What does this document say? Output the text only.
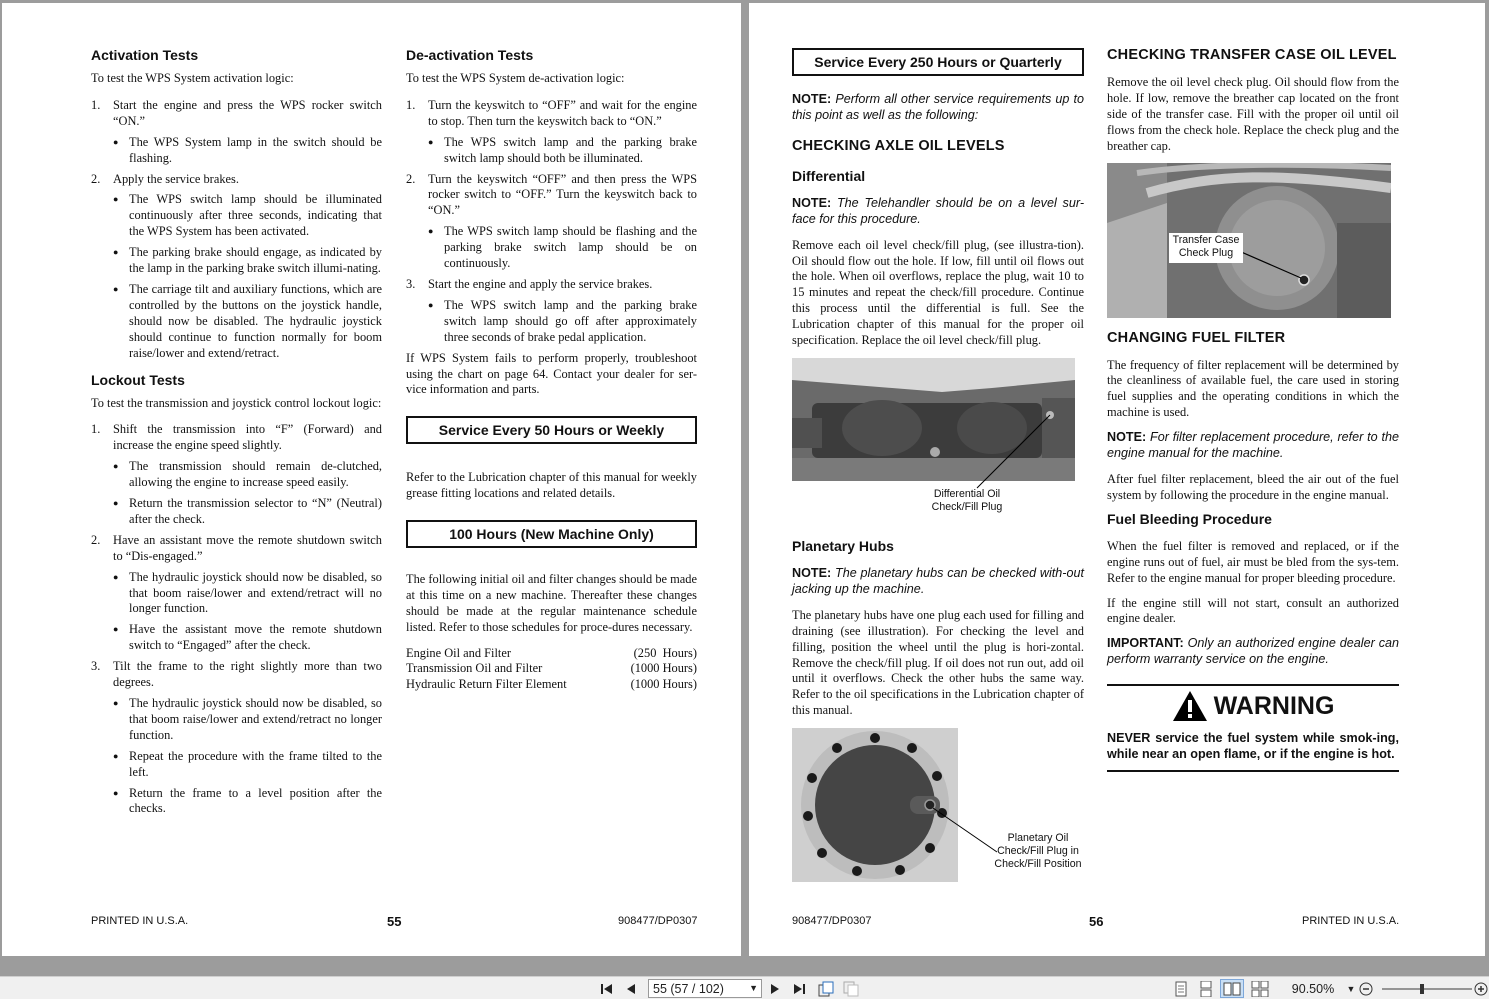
Activation Tests

To test the WPS System activation logic:

1. Start the engine and press the WPS rocker switch “ON.”
● The WPS System lamp in the switch should be flashing.
2. Apply the service brakes.
● The WPS switch lamp should be illuminated continuously after three seconds, indicating that the WPS System has been activated.
● The parking brake should engage, as indicated by the lamp in the parking brake switch illumi-nating.
● The carriage tilt and auxiliary functions, which are controlled by the buttons on the joystick handle, should now be disabled. The hydraulic joystick should continue to function normally for boom raise/lower and extend/retract.
Lockout Tests

To test the transmission and joystick control lockout logic:

1. Shift the transmission into “F” (Forward) and increase the engine speed slightly.
● The transmission should remain de-clutched, allowing the engine to increase speed easily.
● Return the transmission selector to “N” (Neutral) after the check.
2. Have an assistant move the remote shutdown switch to “Dis-engaged.”
● The hydraulic joystick should now be disabled, so that boom raise/lower and extend/retract will no longer function.
● Have the assistant move the remote shutdown switch to “Engaged” after the check.
3. Tilt the frame to the right slightly more than two degrees.
● The hydraulic joystick should now be disabled, so that boom raise/lower and extend/retract no longer function.
● Repeat the procedure with the frame tilted to the left.
● Return the frame to a level position after the checks.
De-activation Tests

To test the WPS System de-activation logic:

1. Turn the keyswitch to “OFF” and wait for the engine to stop. Then turn the keyswitch back to “ON.”
● The WPS switch lamp and the parking brake switch lamp should both be illuminated.
2. Turn the keyswitch “OFF” and then press the WPS rocker switch to “OFF.” Turn the keyswitch back to “ON.”
● The WPS switch lamp should be flashing and the parking brake switch lamp should be on continuously.
3. Start the engine and apply the service brakes.
● The WPS switch lamp and the parking brake switch lamp should go off after approximately three seconds of brake pedal application.

If WPS System fails to perform properly, troubleshoot using the chart on page 64. Contact your dealer for ser-vice information and parts.

Service Every 50 Hours or Weekly

Refer to the Lubrication chapter of this manual for weekly grease fitting locations and related details.

100 Hours (New Machine Only)

The following initial oil and filter changes should be made at this time on a new machine. Thereafter these changes should be made at the regular maintenance schedule listed. Refer to those schedules for proce-dures necessary.

Engine Oil and Filter	(250  Hours)
Transmission Oil and Filter	(1000 Hours)
Hydraulic Return Filter Element	(1000 Hours)
PRINTED IN U.S.A.	55	908477/DP0307
Service Every 250 Hours or Quarterly
NOTE: Perform all other service requirements up to this point as well as the following:
CHECKING AXLE OIL LEVELS
Differential
NOTE: The Telehandler should be on a level sur-face for this procedure.

Remove each oil level check/fill plug, (see illustra-tion). Oil should flow out the hole. If low, fill until oil flows out the hole. When oil overflows, replace the plug, wait 10 to 15 minutes and repeat the check/fill procedure. Continue this process until the differential is full. See the Lubrication chapter of this manual for the proper oil specification. Replace the oil level check/fill plug.

Differential Oil
Check/Fill Plug
Planetary Hubs
NOTE: The planetary hubs can be checked with-out jacking up the machine.

The planetary hubs have one plug each used for filling and draining (see illustration). For checking the level and filling, position the wheel until the plug is hori-zontal. Remove the check/fill plug. If oil does not run out, add oil until it overflows. Check the other hubs the same way. Refer to the oil specifications in the Lubrication chapter of this manual.

Planetary Oil
Check/Fill Plug in
Check/Fill Position
CHECKING TRANSFER CASE OIL LEVEL

Remove the oil level check plug. Oil should flow from the hole. If low, remove the breather cap located on the front side of the transfer case. Fill with the proper oil until oil flows from the check hole. Replace the check plug and the breather cap.

Transfer Case
Check Plug
CHANGING FUEL FILTER

The frequency of filter replacement will be determined by the cleanliness of available fuel, the care used in storing fuel supplies and the operating conditions in which the machine is used.

NOTE: For filter replacement procedure, refer to the engine manual for the machine.

After fuel filter replacement, bleed the air out of the fuel system by following the procedure in the engine manual.

Fuel Bleeding Procedure

When the fuel filter is removed and replaced, or if the engine runs out of fuel, air must be bled from the sys-tem. Refer to the engine manual for proper bleeding procedure.

If the engine still will not start, consult an authorized engine dealer.

IMPORTANT: Only an authorized engine dealer can perform warranty service on the engine.
WARNING
NEVER service the fuel system while smok-ing, while near an open flame, or if the engine is hot.
908477/DP0307	56	PRINTED IN U.S.A.
55 (57 / 102)	▼	90.50% ▼
